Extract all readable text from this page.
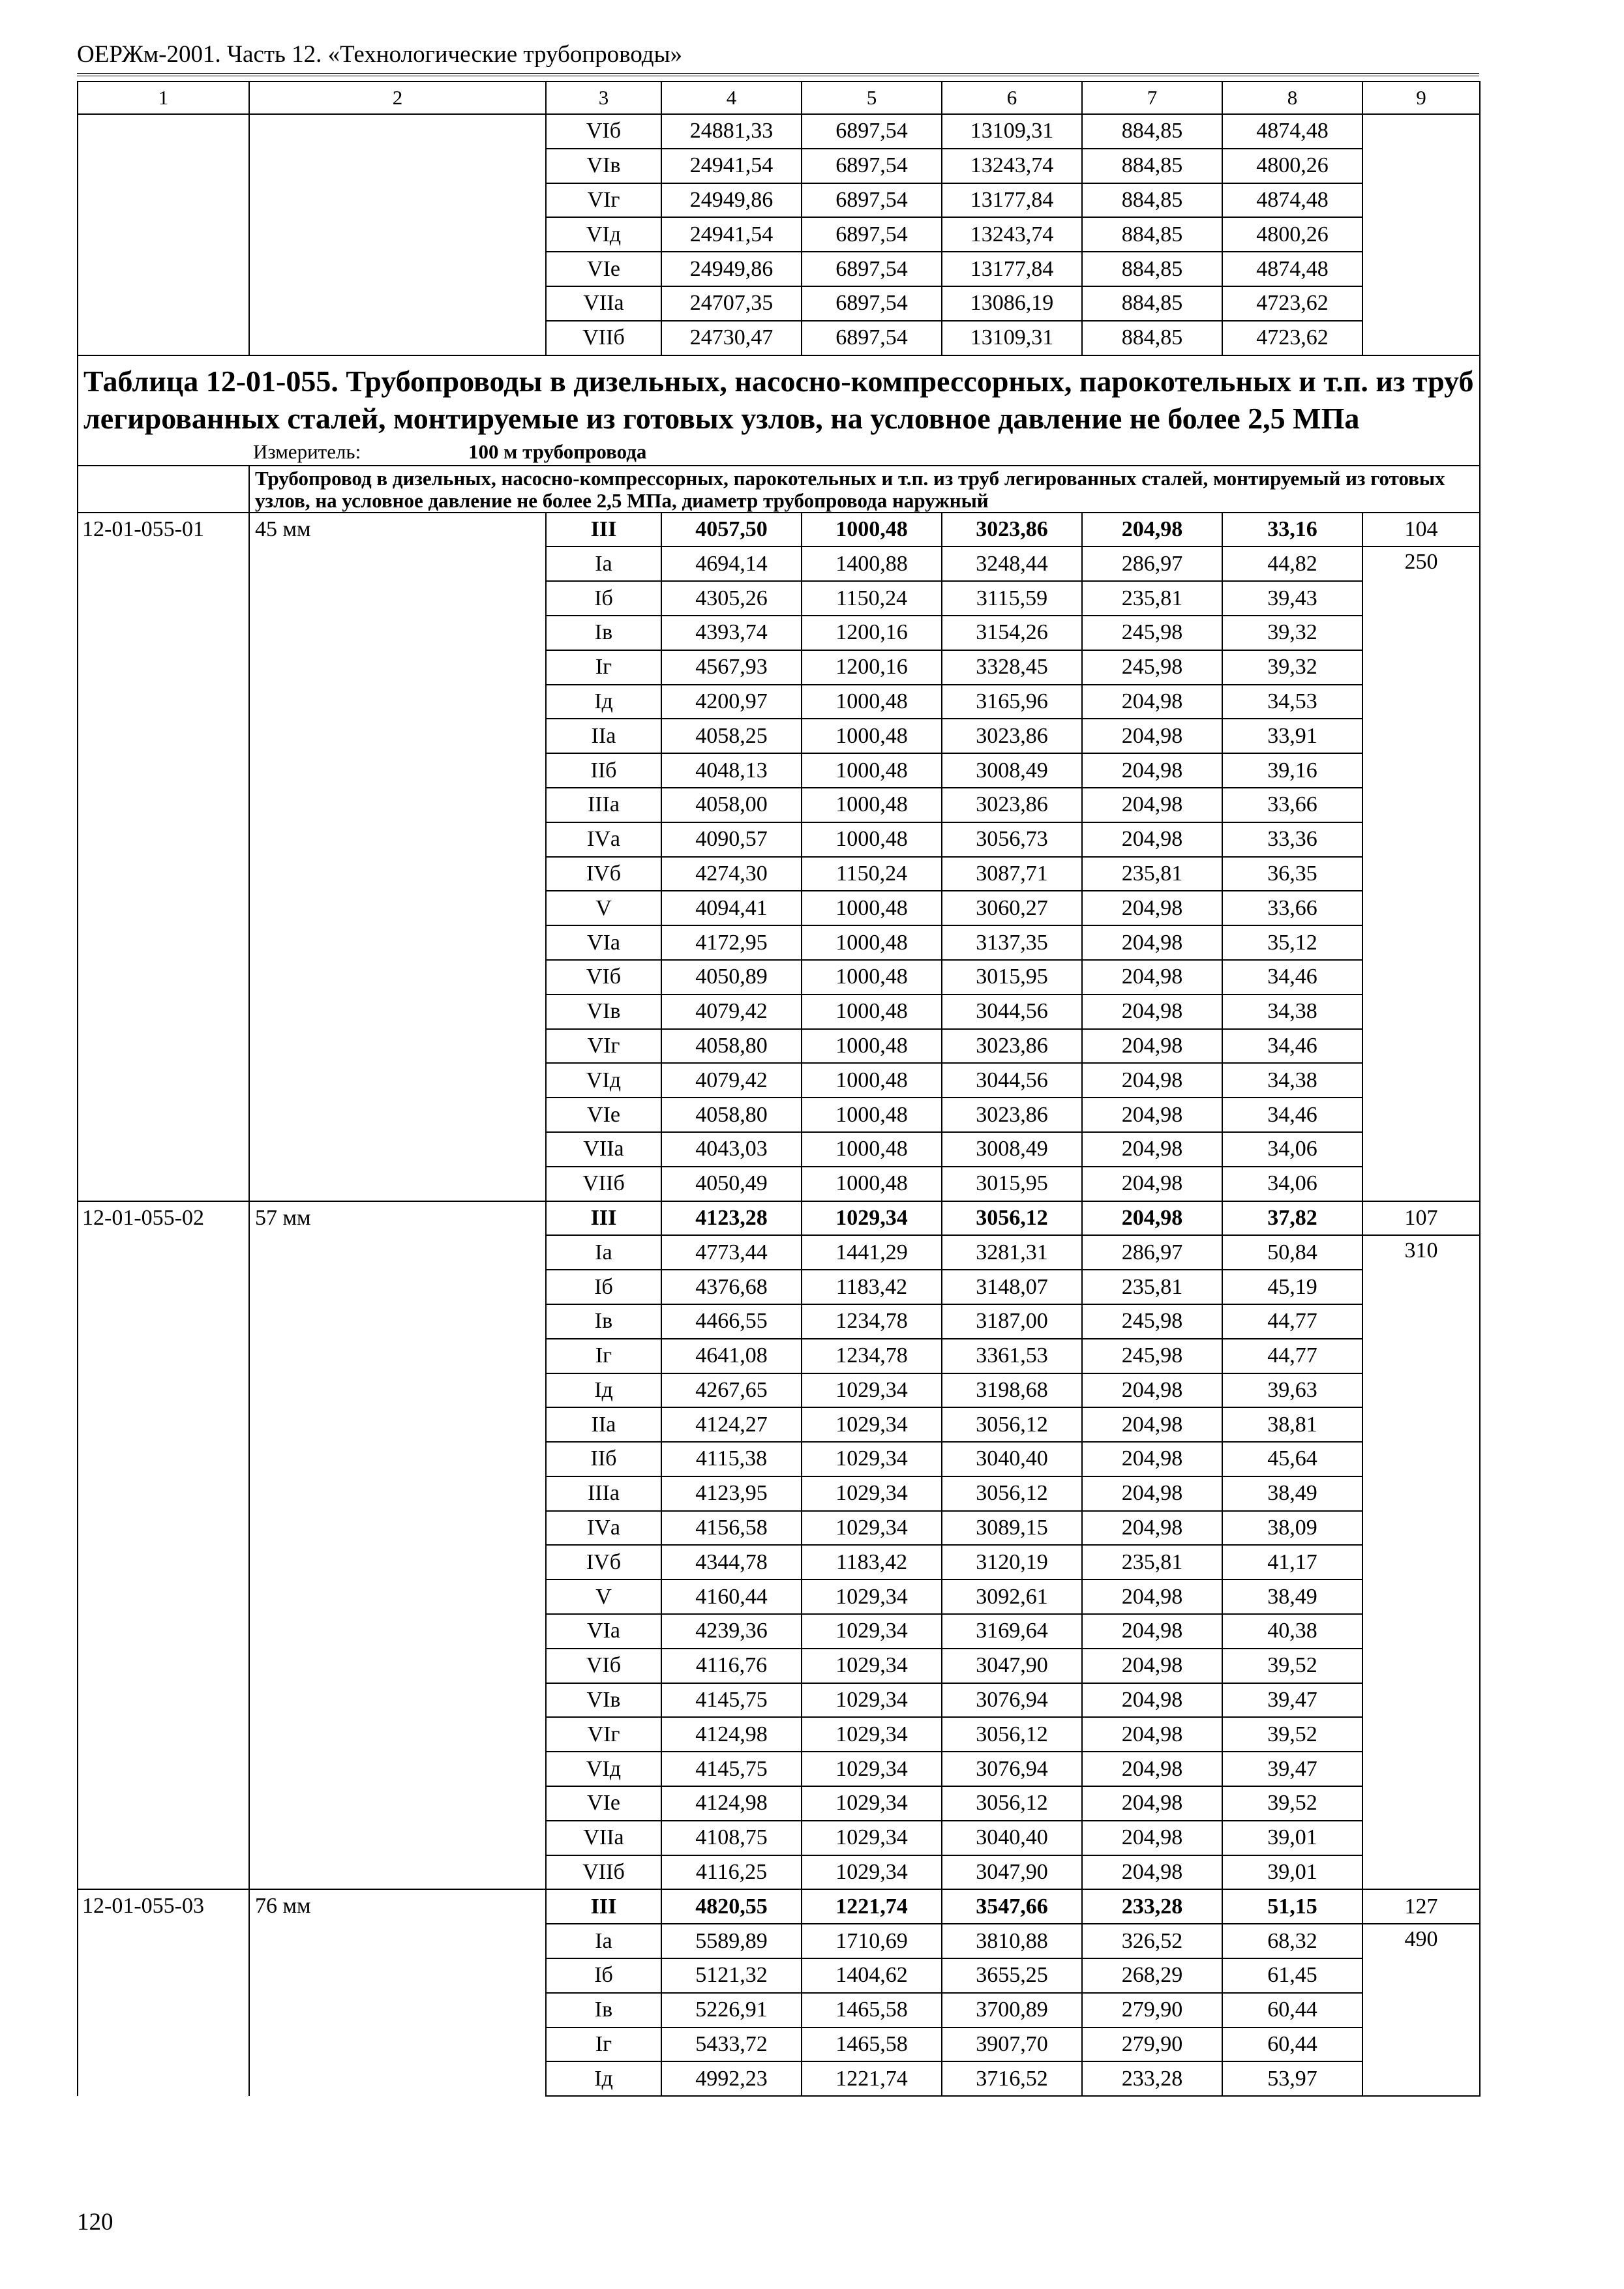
ОЕРЖм-2001. Часть 12. «Технологические трубопроводы»
1	2	3	4	5	6	7	8	9
		VIб	24881,33	6897,54	13109,31	884,85	4874,48	
		VIв	24941,54	6897,54	13243,74	884,85	4800,26	
		VIг	24949,86	6897,54	13177,84	884,85	4874,48	
		VIд	24941,54	6897,54	13243,74	884,85	4800,26	
		VIе	24949,86	6897,54	13177,84	884,85	4874,48	
		VIIа	24707,35	6897,54	13086,19	884,85	4723,62	
		VIIб	24730,47	6897,54	13109,31	884,85	4723,62	
Таблица 12-01-055. Трубопроводы в дизельных, насосно-компрессорных, парокотельных и т.п. из труб легированных сталей, монтируемые из готовых узлов, на условное давление не более 2,5 МПа								
Измеритель: 100 м трубопровода								
	Трубопровод в дизельных, насосно-компрессорных, парокотельных и т.п. из труб легированных сталей, монтируемый из готовых узлов, на условное давление не более 2,5 МПа, диаметр трубопровода наружный							
12-01-055-01	45 мм	III	4057,50	1000,48	3023,86	204,98	33,16	104
		Iа	4694,14	1400,88	3248,44	286,97	44,82	250
		Iб	4305,26	1150,24	3115,59	235,81	39,43	
		Iв	4393,74	1200,16	3154,26	245,98	39,32	
		Iг	4567,93	1200,16	3328,45	245,98	39,32	
		Iд	4200,97	1000,48	3165,96	204,98	34,53	
		IIа	4058,25	1000,48	3023,86	204,98	33,91	
		IIб	4048,13	1000,48	3008,49	204,98	39,16	
		IIIа	4058,00	1000,48	3023,86	204,98	33,66	
		IVа	4090,57	1000,48	3056,73	204,98	33,36	
		IVб	4274,30	1150,24	3087,71	235,81	36,35	
		V	4094,41	1000,48	3060,27	204,98	33,66	
		VIа	4172,95	1000,48	3137,35	204,98	35,12	
		VIб	4050,89	1000,48	3015,95	204,98	34,46	
		VIв	4079,42	1000,48	3044,56	204,98	34,38	
		VIг	4058,80	1000,48	3023,86	204,98	34,46	
		VIд	4079,42	1000,48	3044,56	204,98	34,38	
		VIе	4058,80	1000,48	3023,86	204,98	34,46	
		VIIа	4043,03	1000,48	3008,49	204,98	34,06	
		VIIб	4050,49	1000,48	3015,95	204,98	34,06	
12-01-055-02	57 мм	III	4123,28	1029,34	3056,12	204,98	37,82	107
		Iа	4773,44	1441,29	3281,31	286,97	50,84	310
		Iб	4376,68	1183,42	3148,07	235,81	45,19	
		Iв	4466,55	1234,78	3187,00	245,98	44,77	
		Iг	4641,08	1234,78	3361,53	245,98	44,77	
		Iд	4267,65	1029,34	3198,68	204,98	39,63	
		IIа	4124,27	1029,34	3056,12	204,98	38,81	
		IIб	4115,38	1029,34	3040,40	204,98	45,64	
		IIIа	4123,95	1029,34	3056,12	204,98	38,49	
		IVа	4156,58	1029,34	3089,15	204,98	38,09	
		IVб	4344,78	1183,42	3120,19	235,81	41,17	
		V	4160,44	1029,34	3092,61	204,98	38,49	
		VIа	4239,36	1029,34	3169,64	204,98	40,38	
		VIб	4116,76	1029,34	3047,90	204,98	39,52	
		VIв	4145,75	1029,34	3076,94	204,98	39,47	
		VIг	4124,98	1029,34	3056,12	204,98	39,52	
		VIд	4145,75	1029,34	3076,94	204,98	39,47	
		VIе	4124,98	1029,34	3056,12	204,98	39,52	
		VIIа	4108,75	1029,34	3040,40	204,98	39,01	
		VIIб	4116,25	1029,34	3047,90	204,98	39,01	
12-01-055-03	76 мм	III	4820,55	1221,74	3547,66	233,28	51,15	127
		Iа	5589,89	1710,69	3810,88	326,52	68,32	490
		Iб	5121,32	1404,62	3655,25	268,29	61,45	
		Iв	5226,91	1465,58	3700,89	279,90	60,44	
		Iг	5433,72	1465,58	3907,70	279,90	60,44	
		Iд	4992,23	1221,74	3716,52	233,28	53,97	
120
